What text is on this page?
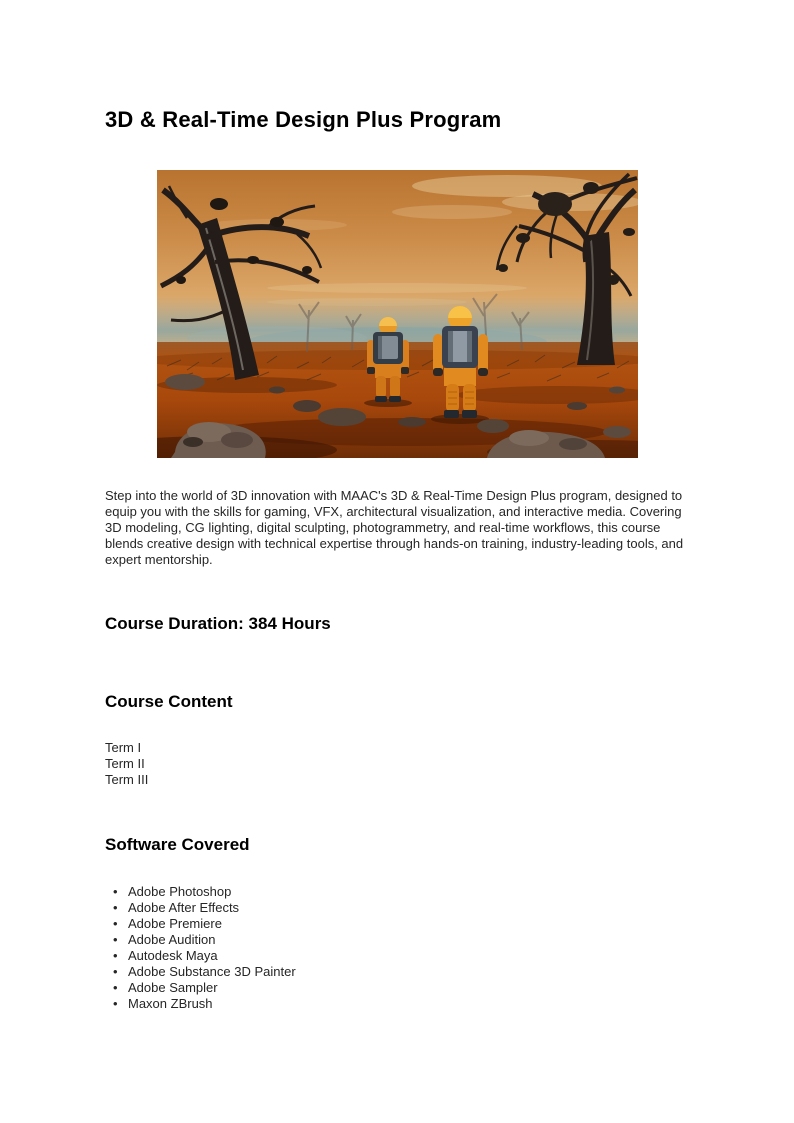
3D & Real-Time Design Plus Program

Step into the world of 3D innovation with MAAC's 3D & Real-Time Design Plus program, designed to equip you with the skills for gaming, VFX, architectural visualization, and interactive media. Covering 3D modeling, CG lighting, digital sculpting, photogrammetry, and real-time workflows, this course blends creative design with technical expertise through hands-on training, industry-leading tools, and expert mentorship.

Course Duration: 384 Hours
Course Content
Term I
Term II
Term III
Software Covered
• Adobe Photoshop
• Adobe After Effects
• Adobe Premiere
• Adobe Audition
• Autodesk Maya
• Adobe Substance 3D Painter
• Adobe Sampler
• Maxon ZBrush
